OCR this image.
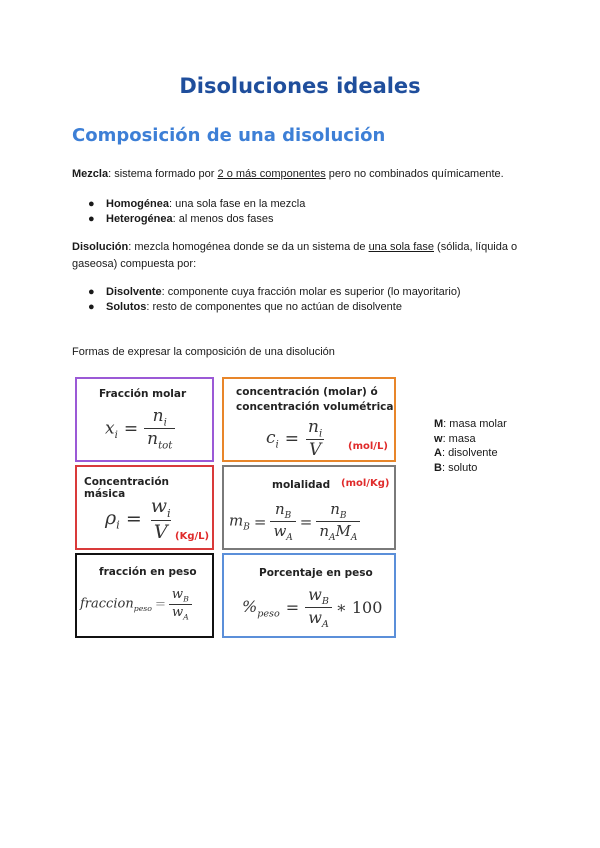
Disoluciones ideales
Composición de una disolución
Mezcla: sistema formado por 2 o más componentes pero no combinados químicamente.
● Homogénea: una sola fase en la mezcla
● Heterogénea: al menos dos fases
Disolución: mezcla homogénea donde se da un sistema de una sola fase (sólida, líquida o gaseosa) compuesta por:
● Disolvente: componente cuya fracción molar es superior (lo mayoritario)
● Solutos: resto de componentes que no actúan de disolvente
Formas de expresar la composición de una disolución
Fracción molar
$x_i = \frac{n_i}{n_{tot}}$
concentración (molar) ó
concentración volumétrica
$c_i = \frac{n_i}{V} (mol/L)$
Concentración másica
$\rho_i = \frac{w_i}{V} (Kg/L)$
molalidad (mol/Kg)
$m_B = \frac{n_B}{w_A} = \frac{n_B}{n_AM_A}$
fracción en peso
fraccion$_{peso}$ = $\frac{w_B}{w_A}$
Porcentaje en peso
$\%_{peso} = \frac{w_B}{w_A}$ ∗ 100
M: masa molar
w: masa
A: disolvente
B: soluto
